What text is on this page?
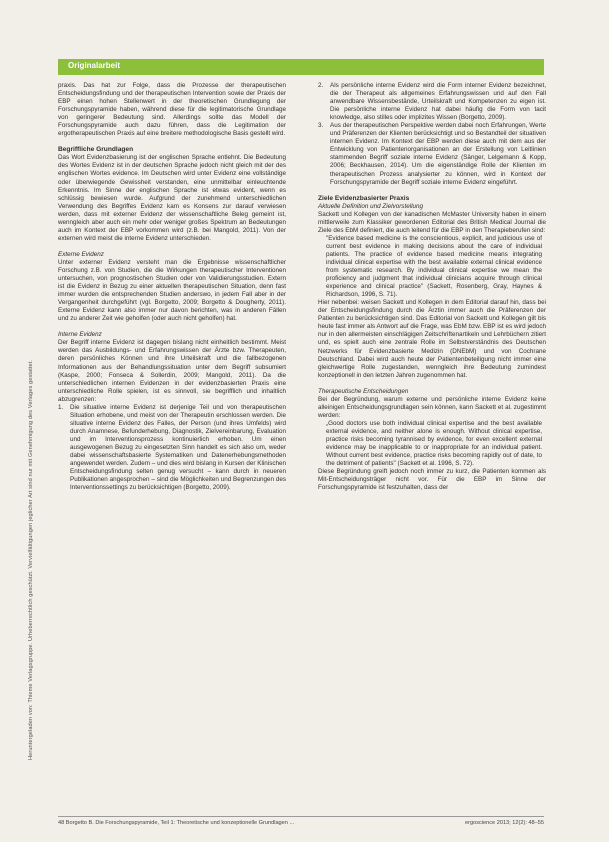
Originalarbeit
Heruntergeladen von: Thieme Verlagsgruppe. Urheberrechtlich geschützt. Vervielfältigungen jeglicher Art sind nur mit Genehmigung des Verlages gestattet.

praxis. Das hat zur Folge, dass die Prozesse der therapeutischen Entscheidungsfindung und der therapeutischen Intervention sowie der Praxis der EBP einen hohen Stellenwert in der theoretischen Grundlegung der Forschungspyramide haben, während diese für die legitimatorische Grundlage von geringerer Bedeutung sind. Allerdings sollte das Modell der Forschungspyramide auch dazu führen, dass die Legitimation der ergotherapeutischen Praxis auf eine breitere methodologische Basis gestellt wird.

Begriffliche Grundlagen

Das Wort Evidenzbasierung ist der englischen Sprache entlehnt. Die Bedeutung des Wortes Evidenz ist in der deutschen Sprache jedoch nicht gleich mit der des englischen Wortes evidence. Im Deutschen wird unter Evidenz eine vollständige oder überwiegende Gewissheit verstanden, eine unmittelbar einleuchtende Erkenntnis. Im Sinne der englischen Sprache ist etwas evident, wenn es schlüssig bewiesen wurde. Aufgrund der zunehmend unterschiedlichen Verwendung des Begriffes Evidenz kam es Konsens zur darauf verwiesen werden, dass mit externer Evidenz der wissenschaftliche Beleg gemeint ist, wenngleich aber auch ein mehr oder weniger großes Spektrum an Bedeutungen auch im Kontext der EBP vorkommen wird (z.B. bei Mangold, 2011). Von der externen wird meist die interne Evidenz unterschieden.

Externe Evidenz

Unter externer Evidenz versteht man die Ergebnisse wissenschaftlicher Forschung z.B. von Studien, die die Wirkungen therapeutischer Interventionen untersuchen, von prognostischen Studien oder von Validierungsstudien. Extern ist die Evidenz in Bezug zu einer aktuellen therapeutischen Situation, denn fast immer wurden die entsprechenden Studien anderswo, in jedem Fall aber in der Vergangenheit durchgeführt (vgl. Borgetto, 2009; Borgetto & Dougherty, 2011). Externe Evidenz kann also immer nur davon berichten, was in anderen Fällen und zu anderer Zeit wie geholfen (oder auch nicht geholfen) hat.

Interne Evidenz

Der Begriff interne Evidenz ist dagegen bislang nicht einheitlich bestimmt. Meist werden das Ausbildungs- und Erfahrungswissen der Ärzte bzw. Therapeuten, deren persönliches Können und ihre Urteilskraft und die fallbezogenen Informationen aus der Behandlungssituation unter dem Begriff subsumiert (Kaspe, 2000; Fonseca & Sollerdin, 2009; Mangold, 2011). Da die unterschiedlichen internen Evidenzen in der evidenzbasierten Praxis eine unterschiedliche Rolle spielen, ist es sinnvoll, sie begrifflich und inhaltlich abzugrenzen:

1. Die situative interne Evidenz ist derjenige Teil und von therapeutischen Situation erhobene, und meist von der Therapeutin erschlossen werden. Die situative interne Evidenz des Falles, der Person (und ihres Umfelds) wird durch Anamnese, Befunderhebung, Diagnostik, Zielvereinbarung, Evaluation und im Interventionsprozess kontinuierlich erhoben. Um einen ausgewogenen Bezug zu eingesetzten Sinn handelt es sich also um, weder dabei wissenschaftsbasierte Systematiken und Datenerhebungsmethoden angewendet werden. Zudem – und dies wird bislang in Kursen der Klinischen Entscheidungsfindung selten genug versucht – kann durch in neueren Publikationen angesprochen – sind die Möglichkeiten und Begrenzungen des Interventionssettings zu berücksichtigen (Borgetto, 2009).
2. Als persönliche interne Evidenz wird die Form interner Evidenz bezeichnet, die der Therapeut als allgemeines Erfahrungswissen und auf den Fall anwendbare Wissensbestände, Urteilskraft und Kompetenzen zu eigen ist. Die persönliche interne Evidenz hat dabei häufig die Form von tacit knowledge, also stilles oder implizites Wissen (Borgetto, 2009).
3. Aus der therapeutischen Perspektive werden dabei noch Erfahrungen, Werte und Präferenzen der Klienten berücksichtigt und so Bestandteil der situativen internen Evidenz. Im Kontext der EBP werden diese auch mit dem aus der Entwicklung von Patientenorganisationen an der Erstellung von Leitlinien stammenden Begriff soziale interne Evidenz (Sänger, Lelgemann & Kopp, 2006; Beckhausen, 2014). Um die eigenständige Rolle der Klienten im therapeutischen Prozess analysierter zu können, wird in Kontext der Forschungspyramide der Begriff soziale interne Evidenz eingeführt.
Ziele Evidenzbasierter Praxis
Aktuelle Definition und Zielvorstellung

Sackett und Kollegen von der kanadischen McMaster University haben in einem mittlerweile zum Klassiker gewordenen Editorial des British Medical Journal die Ziele des EbM definiert, die auch leitend für die EBP in den Therapieberufen sind:

"Evidence based medicine is the conscientious, explicit, and judicious use of current best evidence in making decisions about the care of individual patients. The practice of evidence based medicine means integrating individual clinical expertise with the best available external clinical evidence from systematic research. By individual clinical expertise we mean the proficiency and judgment that individual clinicians acquire through clinical experience and clinical practice" (Sackett, Rosenberg, Gray, Haynes & Richardson, 1996, S. 71).

Hier nebenbei: weisen Sackett und Kollegen in dem Editorial darauf hin, dass bei der Entscheidungsfindung durch die Ärztin immer auch die Präferenzen der Patienten zu berücksichtigen sind. Das Editorial von Sackett und Kollegen gilt bis heute fast immer als Antwort auf die Frage, was EbM bzw. EBP ist es wird jedoch nur in den allermeisten einschlägigen Zeitschriftenartikeln und Lehrbüchern zitiert und, es spielt auch eine zentrale Rolle im Selbstverständnis des Deutschen Netzwerks für Evidenzbasierte Medizin (DNEbM) und von Cochrane Deutschland. Dabei wird auch heute der Patientenbeteiligung nicht immer eine gleichwertige Rolle zugestanden, wenngleich ihre Bedeutung zumindest konzeptionell in den letzten Jahren zugenommen hat.

Therapeutische Entscheidungen

Bei der Begründung, warum externe und persönliche interne Evidenz keine alleinigen Entscheidungsgrundlagen sein können, kann Sackett et al. zugestimmt werden:

„Good doctors use both individual clinical expertise and the best available external evidence, and neither alone is enough. Without clinical expertise, practice risks becoming tyrannised by evidence, for even excellent external evidence may be inapplicable to or inappropriate for an individual patient. Without current best evidence, practice risks becoming rapidly out of date, to the detriment of patients" (Sackett et al. 1996, S. 72).

Diese Begründung greift jedoch noch immer zu kurz, die Patienten kommen als Mit-Entscheidungsträger nicht vor. Für die EBP im Sinne der Forschungspyramide ist festzuhalten, dass der

48 Borgetto B. Die Forschungspyramide, Teil 1: Theoretische und konzeptionelle Grundlagen ...	ergoscience 2013; 12(2): 48–55
